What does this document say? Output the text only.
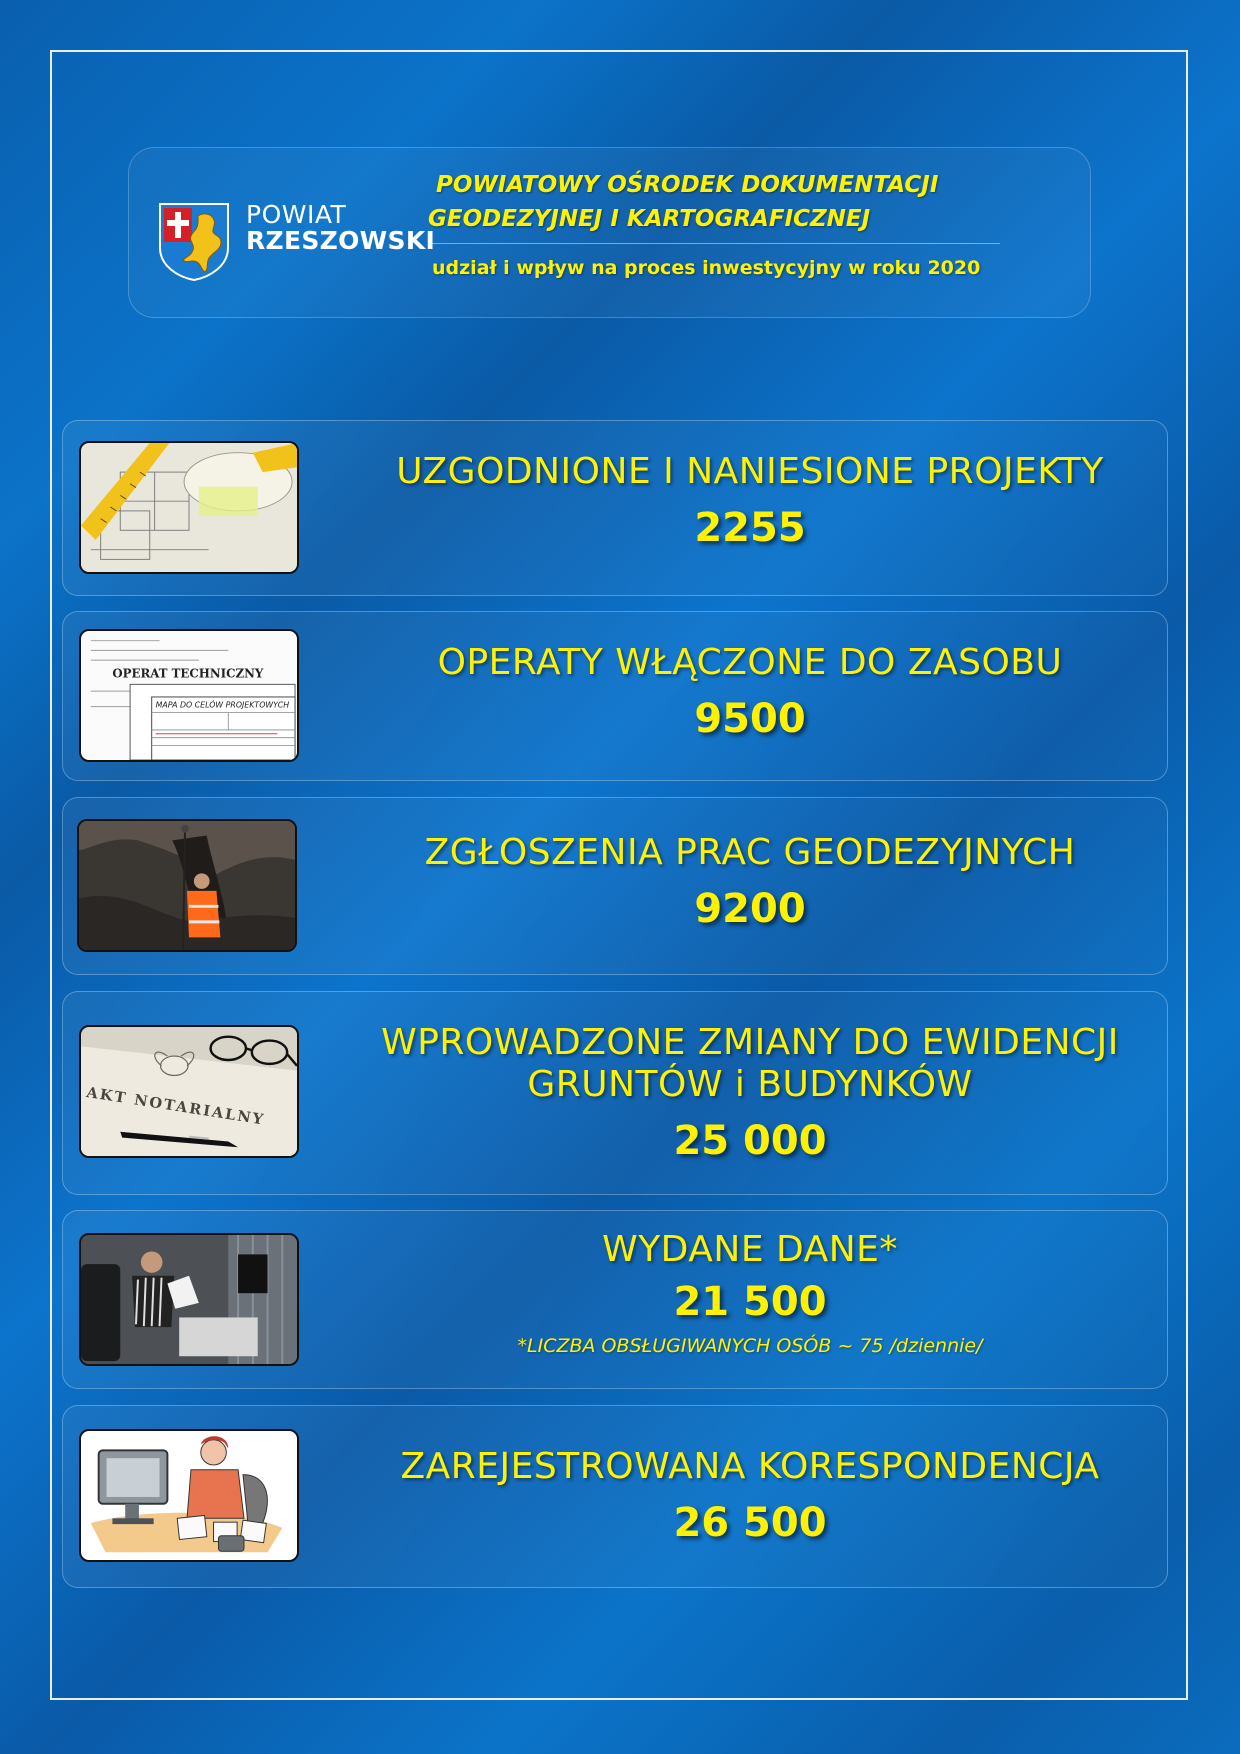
POWIAT
RZESZOWSKI
POWIATOWY OŚRODEK DOKUMENTACJI
GEODEZYJNEJ I KARTOGRAFICZNEJ
udział i wpływ na proces inwestycyjny w roku 2020
UZGODNIONE I NANIESIONE PROJEKTY
2255
OPERAT TECHNICZNY
MAPA DO CELÓW PROJEKTOWYCH
OPERATY WŁĄCZONE DO ZASOBU
9500
ZGŁOSZENIA PRAC GEODEZYJNYCH
9200
AKT NOTARIALNY
WPROWADZONE ZMIANY DO EWIDENCJI
GRUNTÓW i BUDYNKÓW
25 000
WYDANE DANE*
21 500
*LICZBA OBSŁUGIWANYCH OSÓB ~ 75 /dziennie/
ZAREJESTROWANA KORESPONDENCJA
26 500
